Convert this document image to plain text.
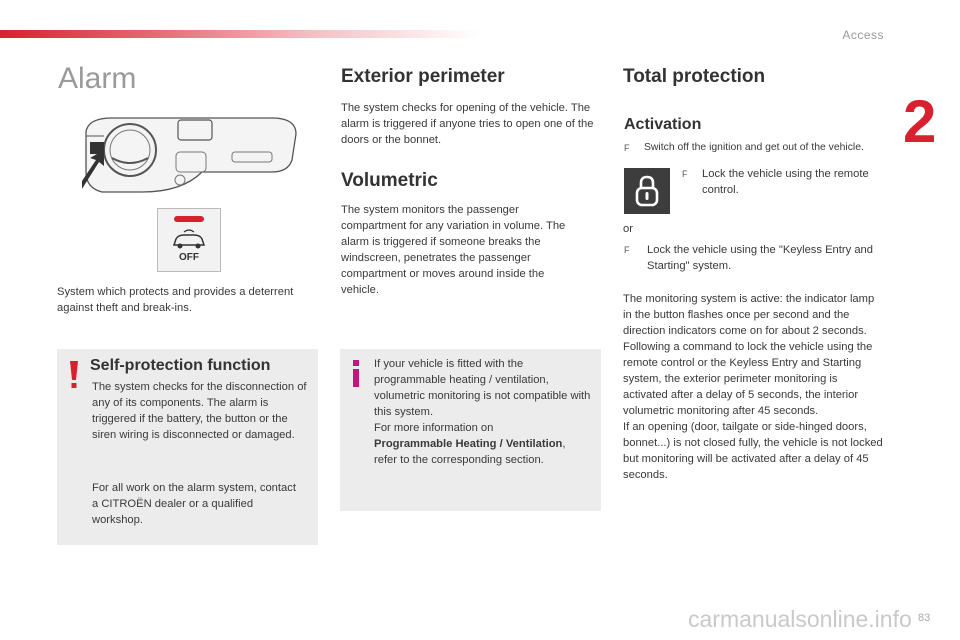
Access
2
83
Alarm
OFF

System which protects and provides a deterrent against theft and break-ins.

Self-protection function

The system checks for the disconnection of any of its components. The alarm is triggered if the battery, the button or the siren wiring is disconnected or damaged.

For all work on the alarm system, contact a CITROËN dealer or a qualified workshop.

Exterior perimeter

The system checks for opening of the vehicle. The alarm is triggered if anyone tries to open one of the doors or the bonnet.

Volumetric

The system monitors the passenger compartment for any variation in volume. The alarm is triggered if someone breaks the windscreen, penetrates the passenger compartment or moves around inside the vehicle.

If your vehicle is fitted with the programmable heating / ventilation, volumetric monitoring is not compatible with this system.

For more information on
Programmable Heating / Ventilation,
refer to the corresponding section.

Total protection
Activation
F Switch off the ignition and get out of the vehicle.
F Lock the vehicle using the remote control.
or
F Lock the vehicle using the "Keyless Entry and Starting" system.

The monitoring system is active: the indicator lamp in the button flashes once per second and the direction indicators come on for about 2 seconds.

Following a command to lock the vehicle using the remote control or the Keyless Entry and Starting system, the exterior perimeter monitoring is activated after a delay of 5 seconds, the interior volumetric monitoring after 45 seconds.

If an opening (door, tailgate or side-hinged doors, bonnet...) is not closed fully, the vehicle is not locked but monitoring will be activated after a delay of 45 seconds.

carmanualsonline.info
